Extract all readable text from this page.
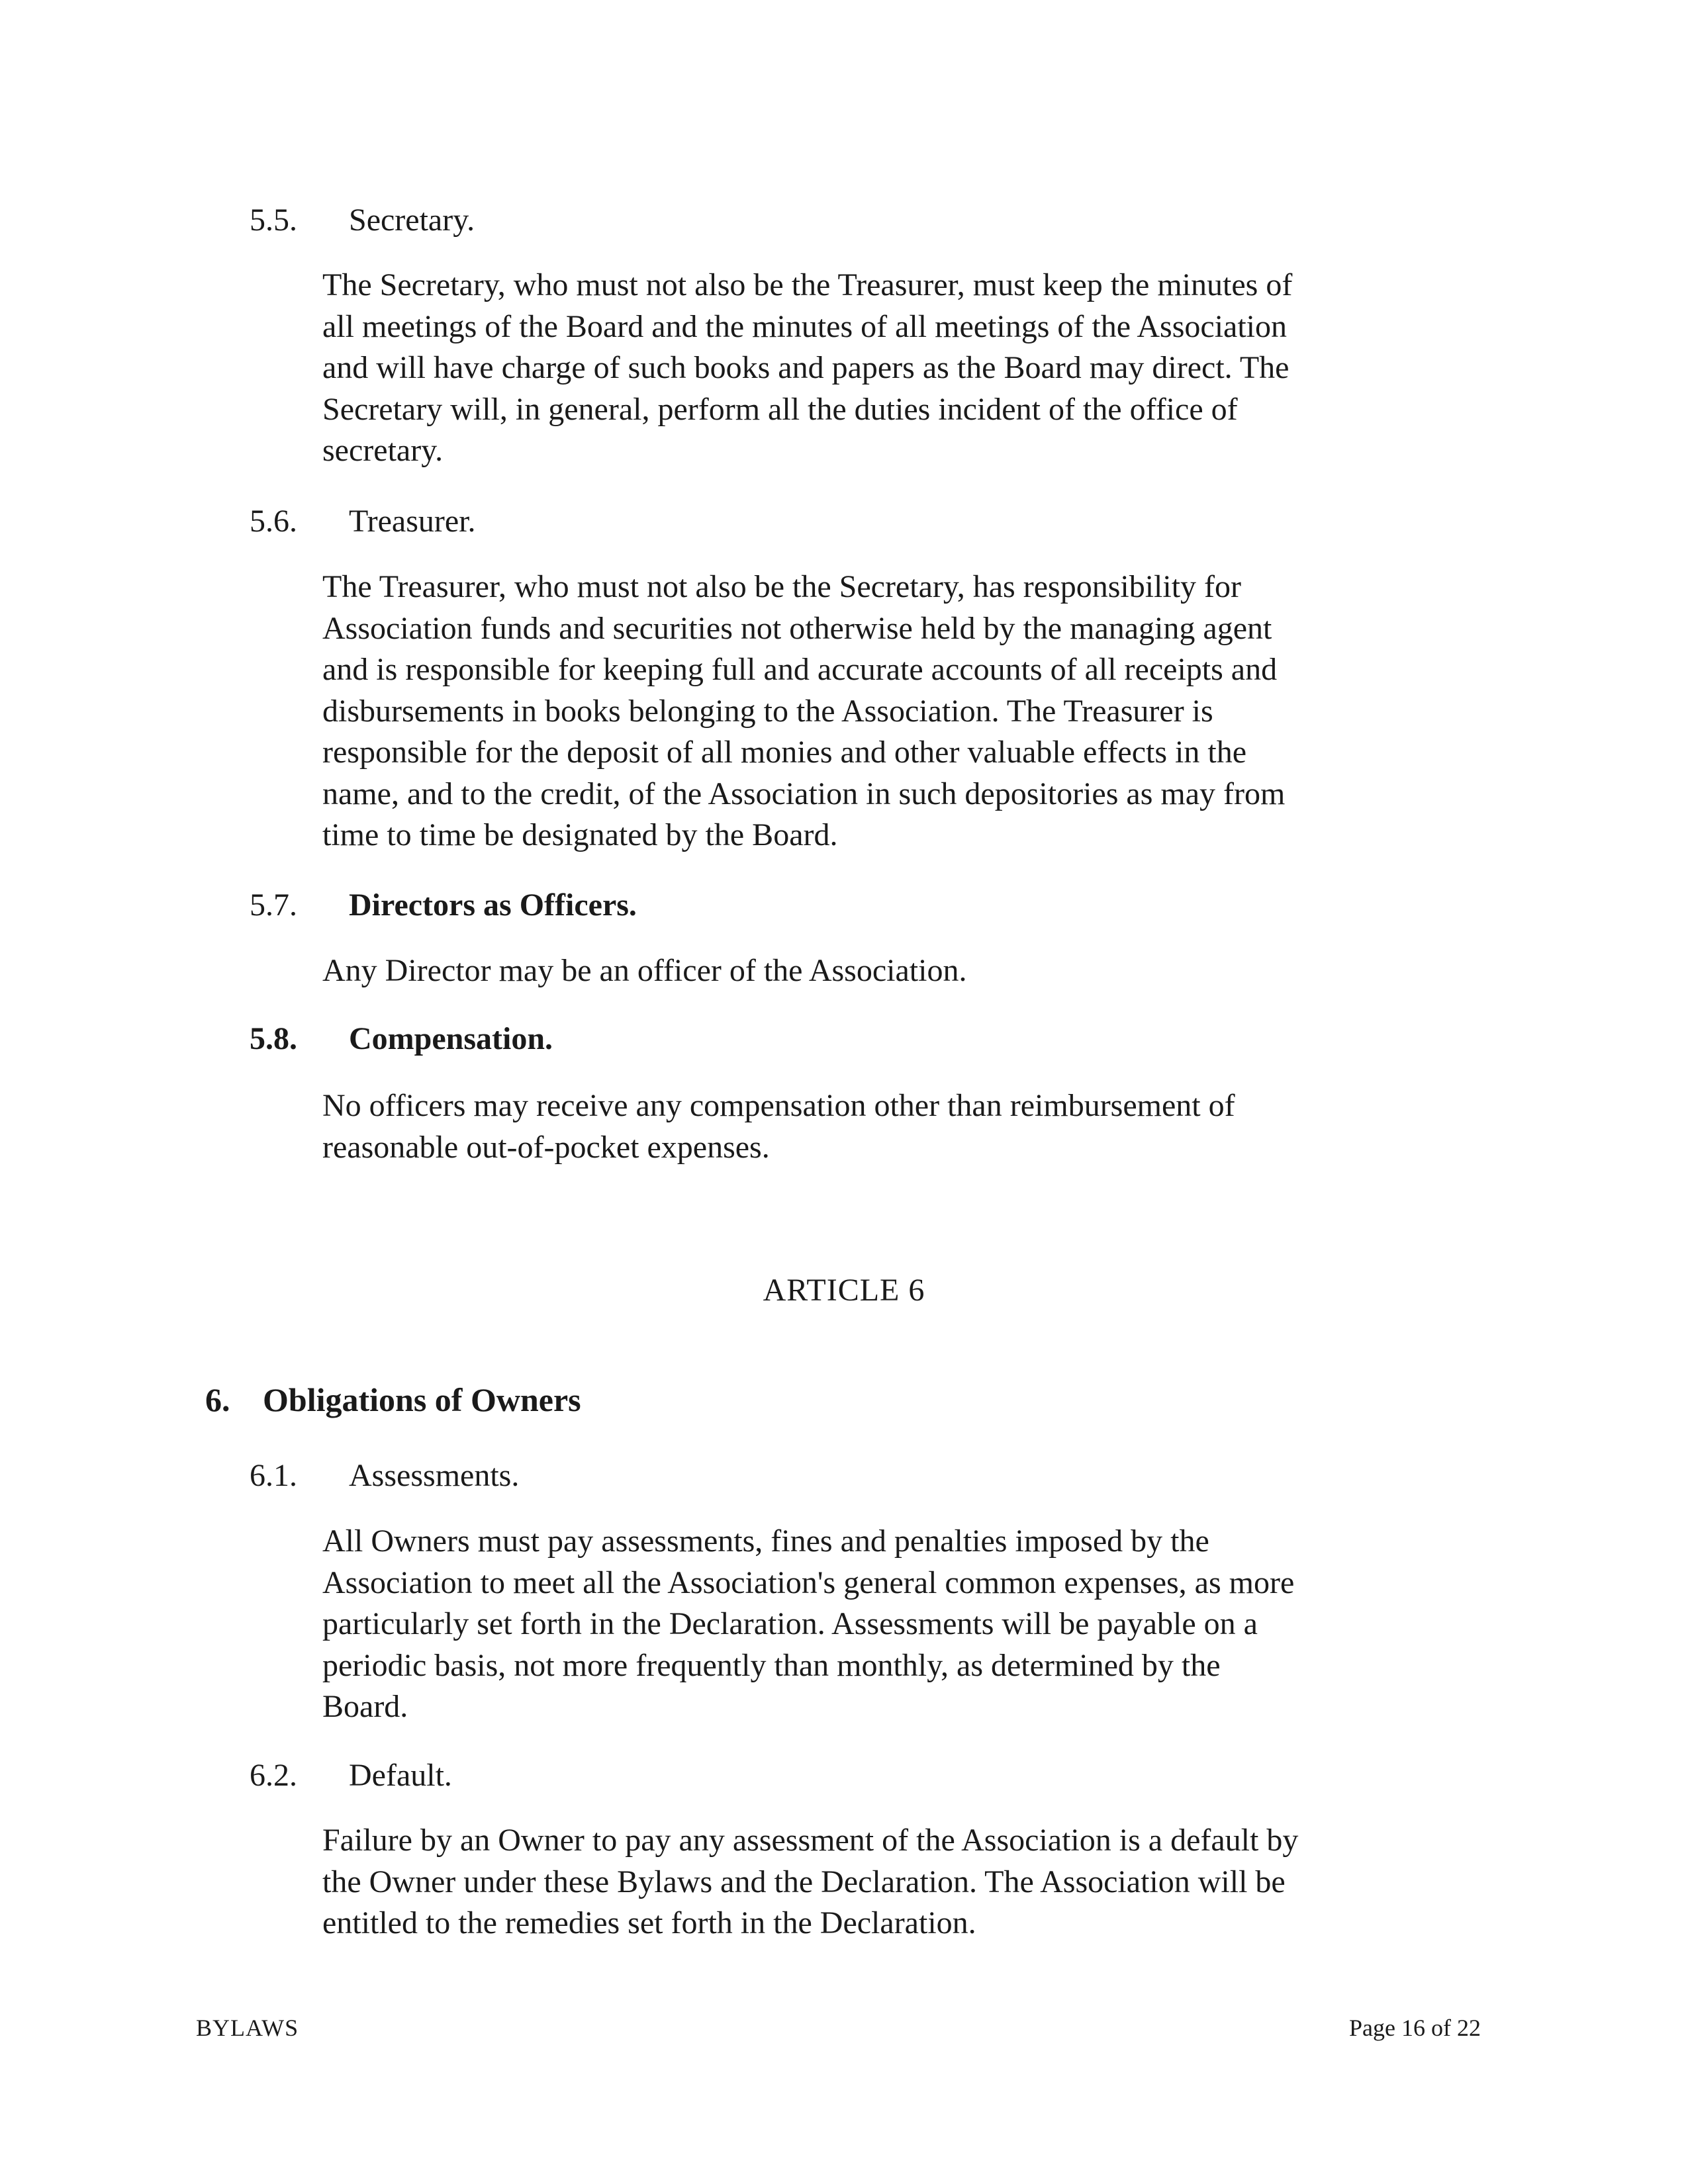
5.5. Secretary.
The Secretary, who must not also be the Treasurer, must keep the minutes of
all meetings of the Board and the minutes of all meetings of the Association
and will have charge of such books and papers as the Board may direct. The
Secretary will, in general, perform all the duties incident of the office of
secretary.
5.6. Treasurer.
The Treasurer, who must not also be the Secretary, has responsibility for
Association funds and securities not otherwise held by the managing agent
and is responsible for keeping full and accurate accounts of all receipts and
disbursements in books belonging to the Association. The Treasurer is
responsible for the deposit of all monies and other valuable effects in the
name, and to the credit, of the Association in such depositories as may from
time to time be designated by the Board.
5.7. Directors as Officers.
Any Director may be an officer of the Association.
5.8. Compensation.
No officers may receive any compensation other than reimbursement of
reasonable out-of-pocket expenses.
ARTICLE 6
6. Obligations of Owners
6.1. Assessments.
All Owners must pay assessments, fines and penalties imposed by the
Association to meet all the Association's general common expenses, as more
particularly set forth in the Declaration. Assessments will be payable on a
periodic basis, not more frequently than monthly, as determined by the
Board.
6.2. Default.
Failure by an Owner to pay any assessment of the Association is a default by
the Owner under these Bylaws and the Declaration. The Association will be
entitled to the remedies set forth in the Declaration.
BYLAWS	Page 16 of 22
